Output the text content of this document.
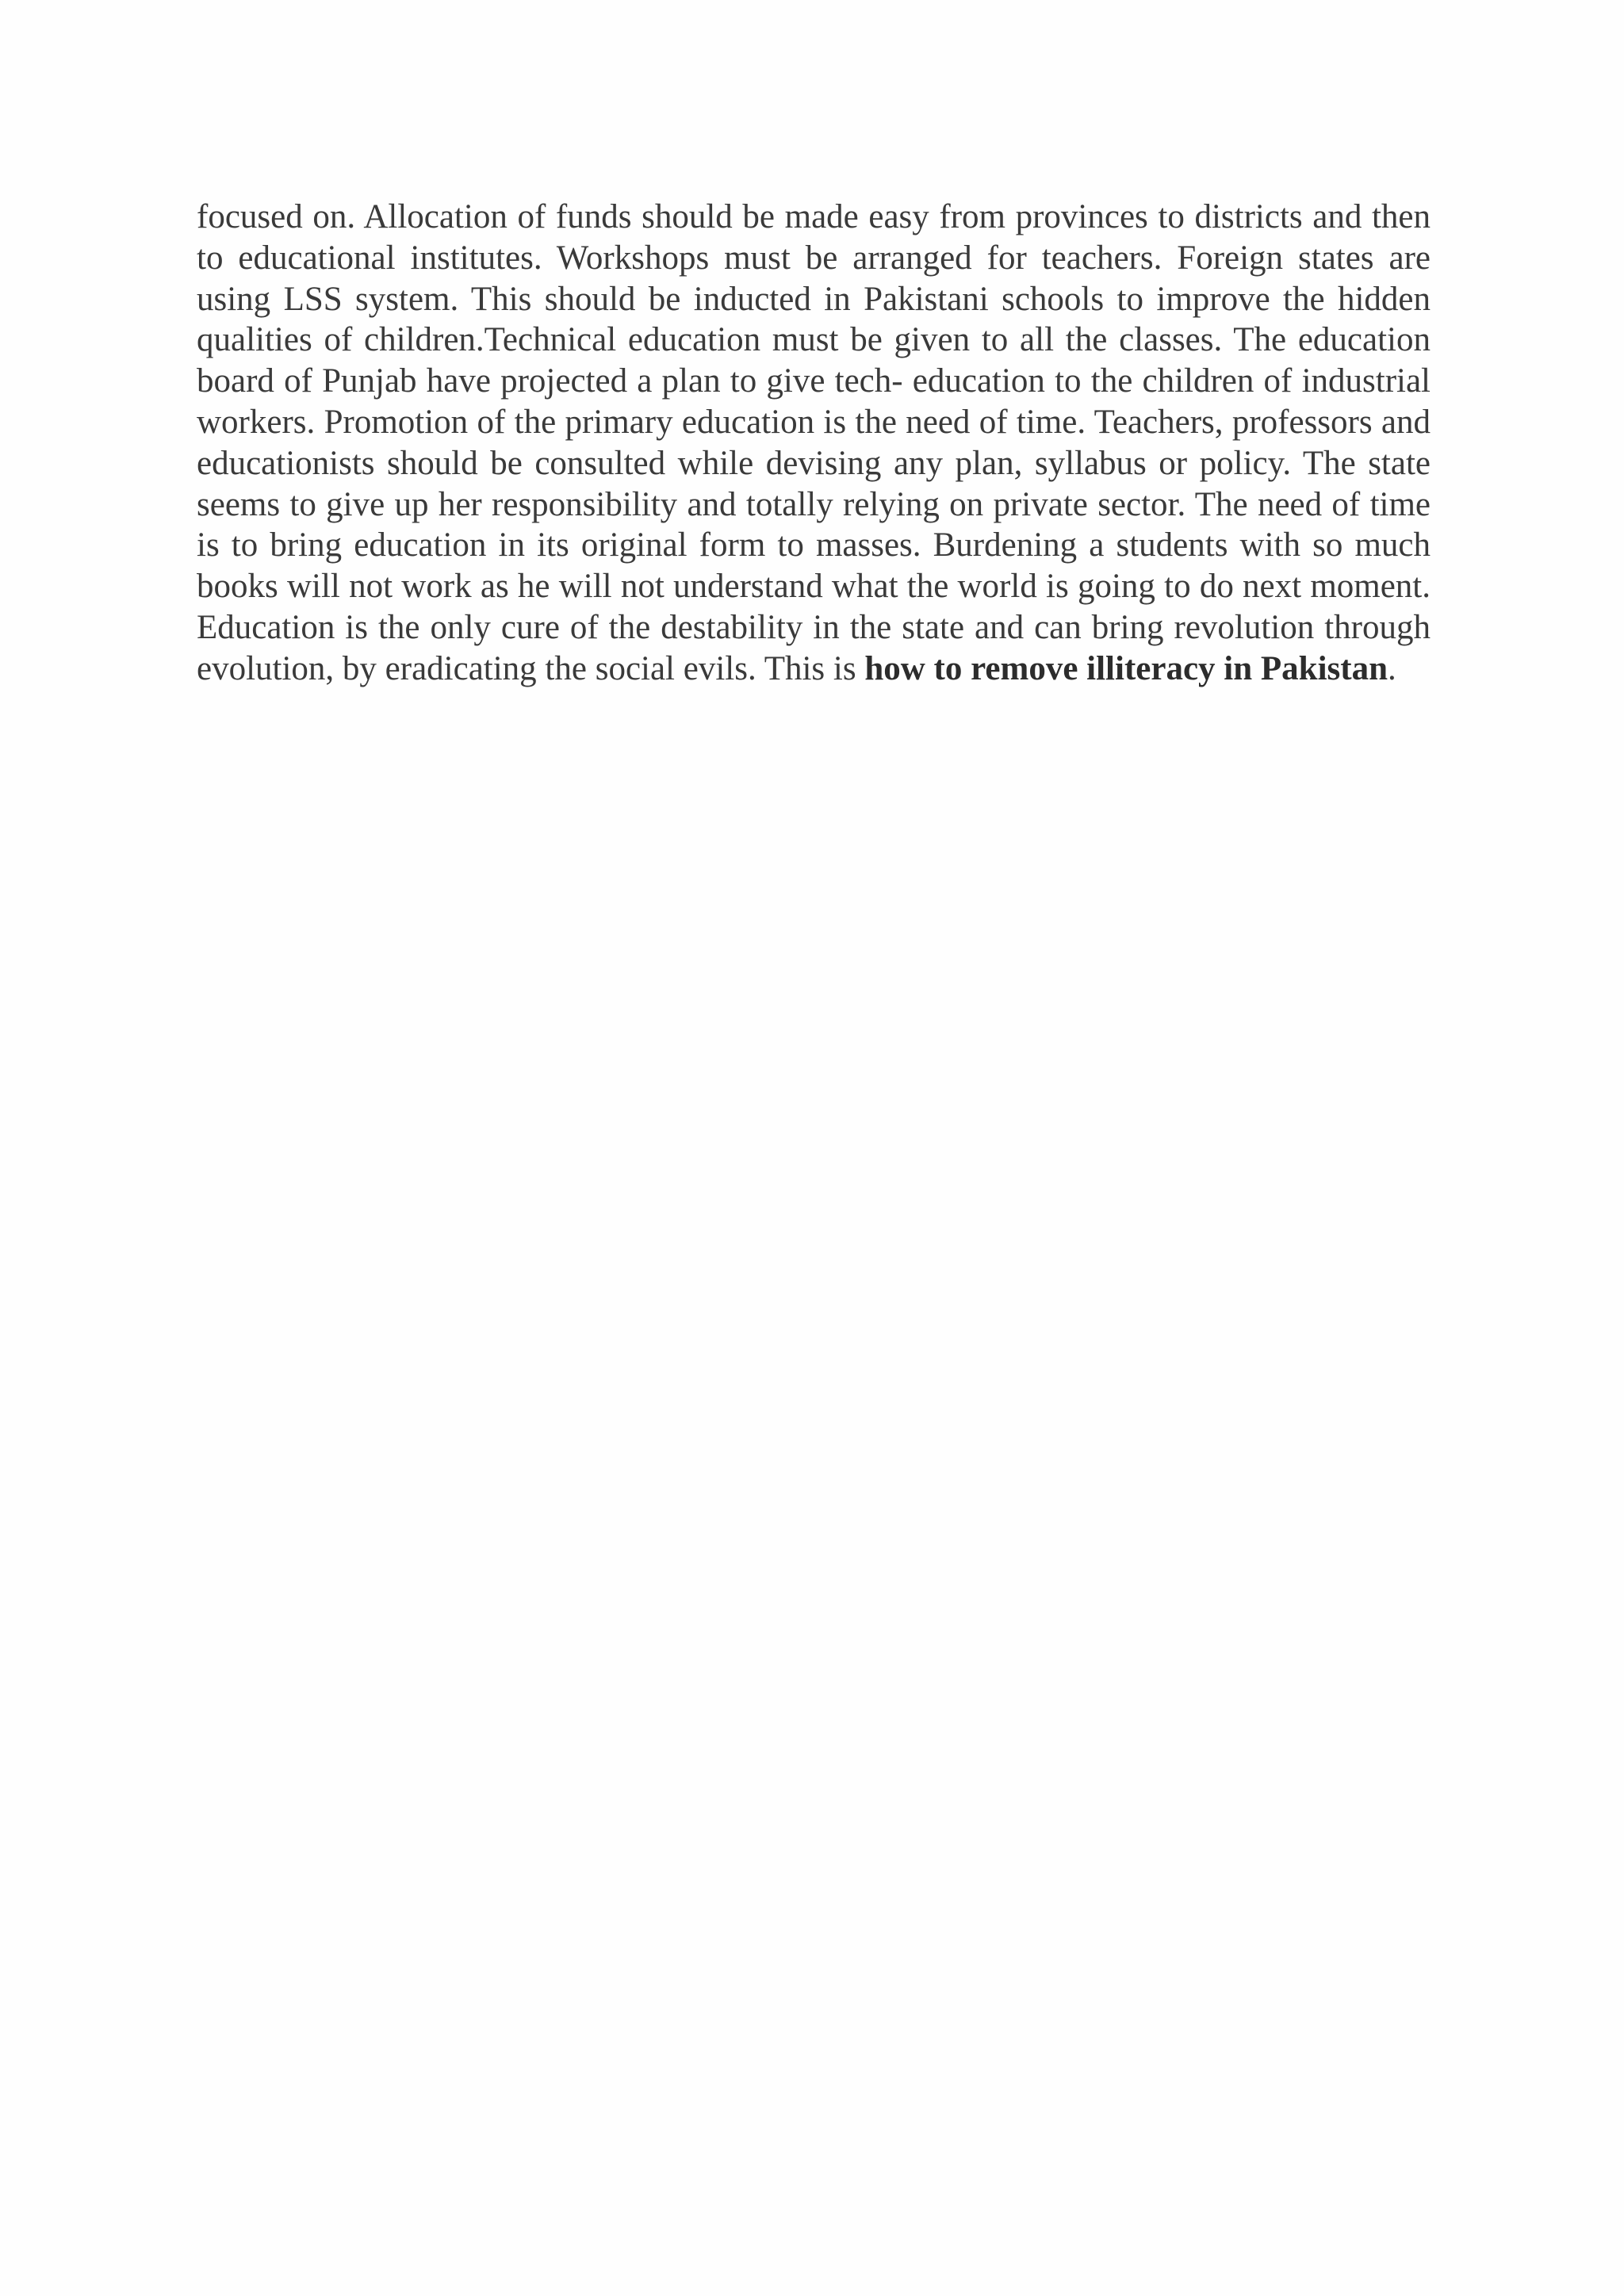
focused on. Allocation of funds should be made easy from provinces to districts and then to educational institutes. Workshops must be arranged for teachers. Foreign states are using LSS system. This should be inducted in Pakistani schools to improve the hidden qualities of children.Technical education must be given to all the classes. The education board of Punjab have projected a plan to give tech- education to the children of industrial workers. Promotion of the primary education is the need of time. Teachers, professors and educationists should be consulted while devising any plan, syllabus or policy. The state seems to give up her responsibility and totally relying on private sector. The need of time is to bring education in its original form to masses. Burdening a students with so much books will not work as he will not understand what the world is going to do next moment. Education is the only cure of the destability in the state and can bring revolution through evolution, by eradicating the social evils. This is how to remove illiteracy in Pakistan.
